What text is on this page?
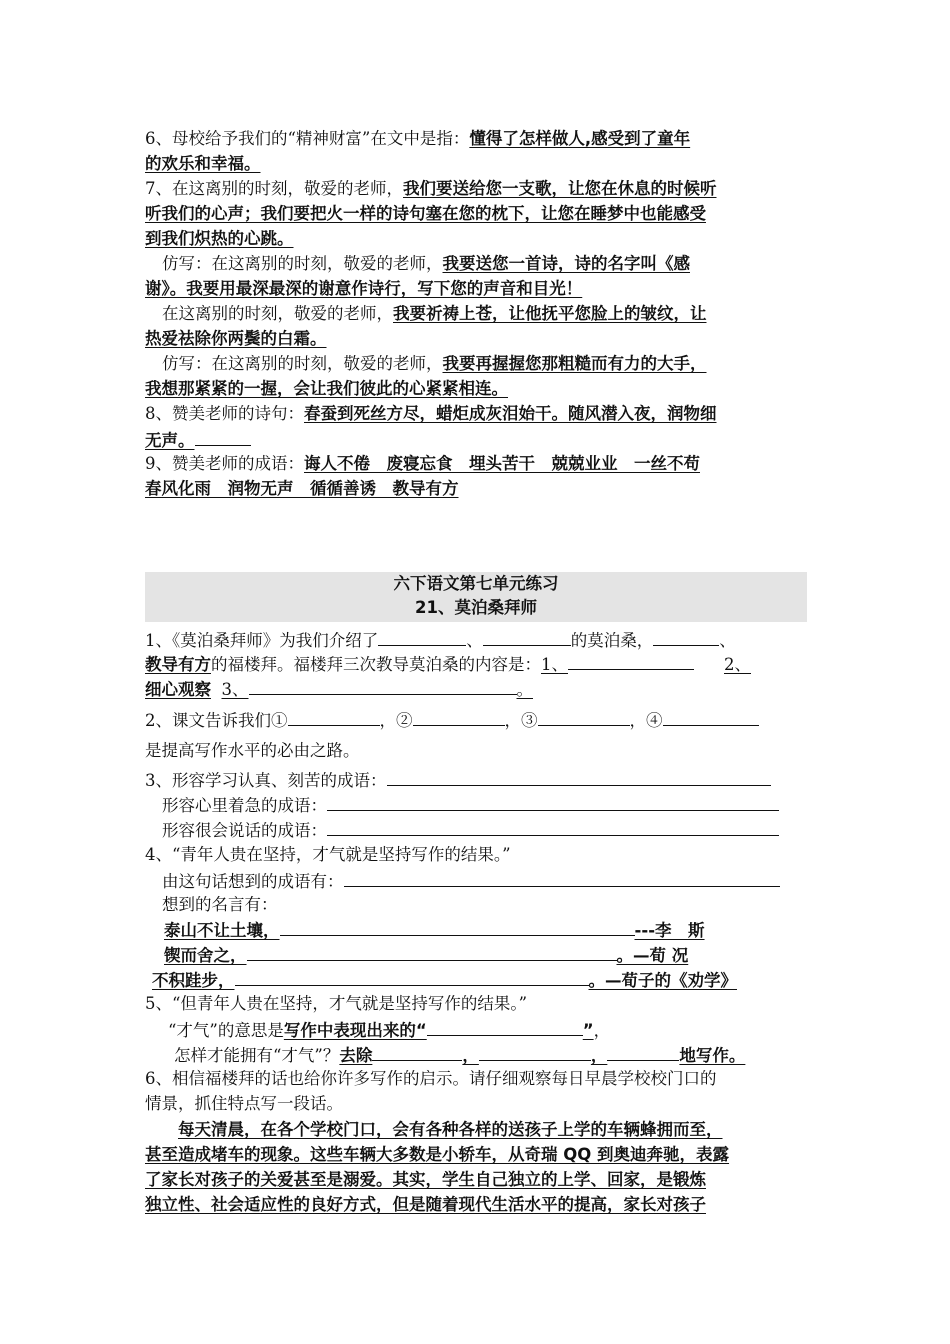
6、母校给予我们的“精神财富”在文中是指：懂得了怎样做人,感受到了童年
的欢乐和幸福。
7、在这离别的时刻，敬爱的老师，我们要送给您一支歌，让您在休息的时候听
听我们的心声；我们要把火一样的诗句塞在您的枕下，让您在睡梦中也能感受
到我们炽热的心跳。
仿写：在这离别的时刻，敬爱的老师，我要送您一首诗，诗的名字叫《感
谢》。我要用最深最深的谢意作诗行，写下您的声音和目光！
在这离别的时刻，敬爱的老师，我要祈祷上苍，让他抚平您脸上的皱纹，让
热爱祛除你两鬓的白霜。
仿写：在这离别的时刻，敬爱的老师，我要再握握您那粗糙而有力的大手，
我想那紧紧的一握，会让我们彼此的心紧紧相连。
8、赞美老师的诗句：春蚕到死丝方尽，蜡炬成灰泪始干。随风潜入夜，润物细
无声。
9、赞美老师的成语：诲人不倦　废寝忘食　埋头苦干　兢兢业业　一丝不苟
春风化雨　润物无声　循循善诱　教导有方
六下语文第七单元练习
21、莫泊桑拜师
1、《莫泊桑拜师》为我们介绍了	、	的莫泊桑，	、
教导有方的福楼拜。福楼拜三次教导莫泊桑的内容是：1、	2、
细心观察 3、	。
2、课文告诉我们①	，②	，③	，④
是提高写作水平的必由之路。
3、形容学习认真、刻苦的成语：
形容心里着急的成语：
形容很会说话的成语：
4、“青年人贵在坚持，才气就是坚持写作的结果。”
由这句话想到的成语有：
想到的名言有：
泰山不让土壤，	---李　斯
锲而舍之，	。—荀 况
不积跬步，	。—荀子的《劝学》
5、“但青年人贵在坚持，才气就是坚持写作的结果。”
“才气”的意思是写作中表现出来的“	”，
怎样才能拥有“才气”？去除	，	，	地写作。
6、相信福楼拜的话也给你许多写作的启示。请仔细观察每日早晨学校校门口的
情景，抓住特点写一段话。
每天清晨，在各个学校门口，会有各种各样的送孩子上学的车辆蜂拥而至，
甚至造成堵车的现象。这些车辆大多数是小轿车，从奇瑞 QQ 到奥迪奔驰，表露
了家长对孩子的关爱甚至是溺爱。其实，学生自己独立的上学、回家，是锻炼
独立性、社会适应性的良好方式，但是随着现代生活水平的提高，家长对孩子
